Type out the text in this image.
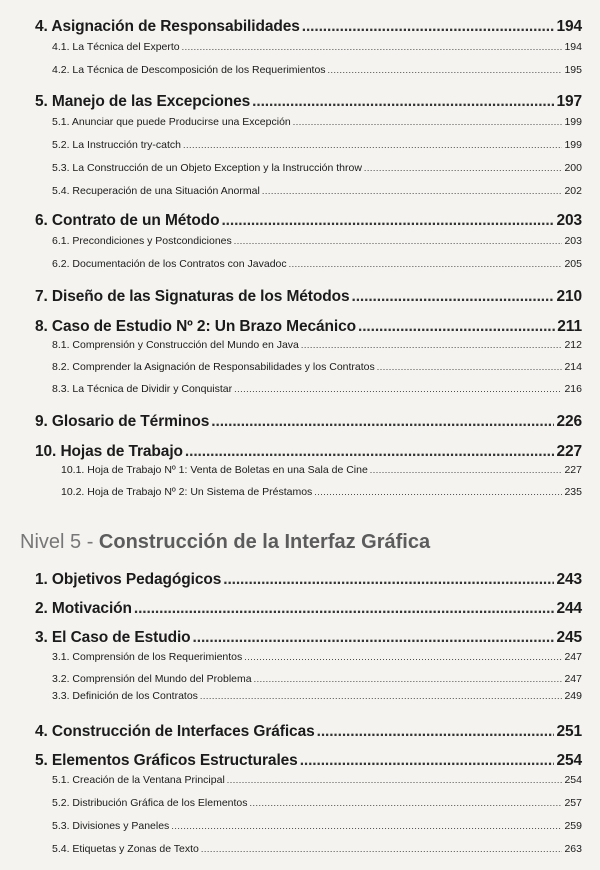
4. Asignación de Responsabilidades .....	194
4.1. La Técnica del Experto .....	194
4.2. La Técnica de Descomposición de los Requerimientos .....	195
5. Manejo de las Excepciones .....	197
5.1. Anunciar que puede Producirse una Excepción .....	199
5.2. La Instrucción try-catch .....	199
5.3. La Construcción de un Objeto Exception y la Instrucción throw .....	200
5.4. Recuperación de una Situación Anormal .....	202
6. Contrato de un Método .....	203
6.1. Precondiciones y Postcondiciones .....	203
6.2. Documentación de los Contratos con Javadoc .....	205
7. Diseño de las Signaturas de los Métodos .....	210
8. Caso de Estudio Nº 2: Un Brazo Mecánico .....	211
8.1. Comprensión y Construcción del Mundo en Java .....	212
8.2. Comprender la Asignación de Responsabilidades y los Contratos .....	214
8.3. La Técnica de Dividir y Conquistar .....	216
9. Glosario de Términos .....	226
10. Hojas de Trabajo .....	227
10.1. Hoja de Trabajo Nº 1: Venta de Boletas en una Sala de Cine .....	227
10.2. Hoja de Trabajo Nº 2: Un Sistema de Préstamos .....	235
Nivel 5 - Construcción de la Interfaz Gráfica
1. Objetivos Pedagógicos .....	243
2. Motivación .....	244
3. El Caso de Estudio .....	245
3.1. Comprensión de los Requerimientos .....	247
3.2. Comprensión del Mundo del Problema .....	247
3.3. Definición de los Contratos .....	249
4. Construcción de Interfaces Gráficas .....	251
5. Elementos Gráficos Estructurales .....	254
5.1. Creación de la Ventana Principal .....	254
5.2. Distribución Gráfica de los Elementos .....	257
5.3. Divisiones y Paneles .....	259
5.4. Etiquetas y Zonas de Texto .....	263
